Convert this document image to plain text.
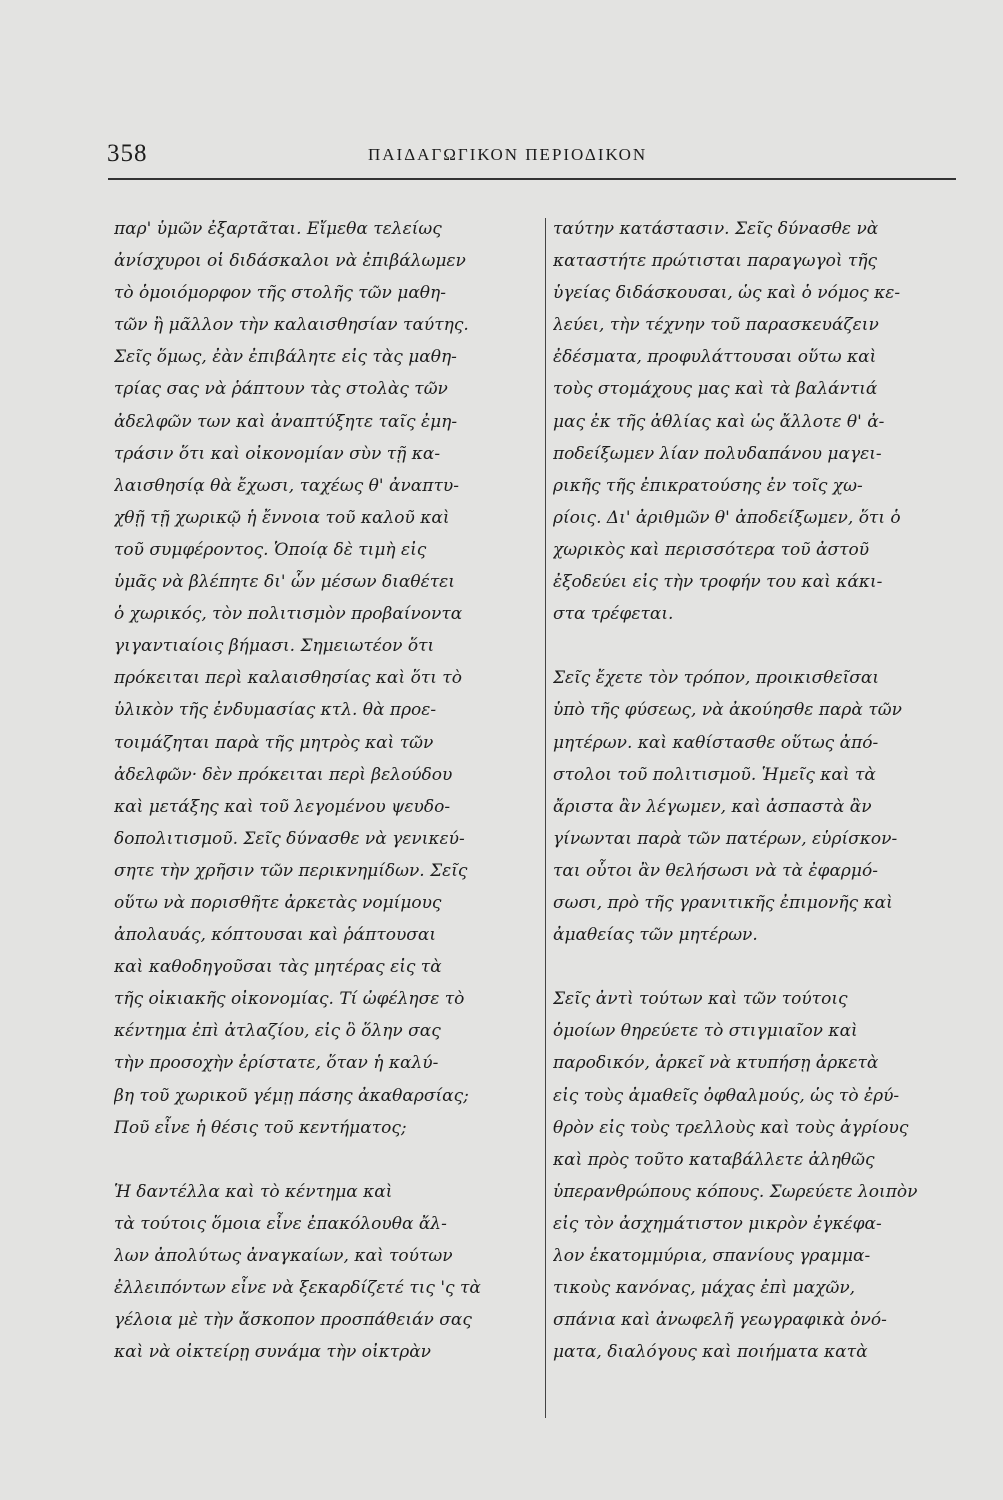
358	ΠΑΙΔΑΓΩΓΙΚΟΝ ΠΕΡΙΟΔΙΚΟΝ
παρ' ὑμῶν ἐξαρτᾶται. Εἴμεθα τελείως
ἀνίσχυροι οἱ διδάσκαλοι νὰ ἐπιβάλωμεν
τὸ ὁμοιόμορφον τῆς στολῆς τῶν μαθη-
τῶν ἢ μᾶλλον τὴν καλαισθησίαν ταύτης.
Σεῖς ὅμως, ἐὰν ἐπιβάλητε εἰς τὰς μαθη-
τρίας σας νὰ ῥάπτουν τὰς στολὰς τῶν
ἀδελφῶν των καὶ ἀναπτύξητε ταῖς ἐμη-
τράσιν ὅτι καὶ οἰκονομίαν σὺν τῇ κα-
λαισθησίᾳ θὰ ἔχωσι, ταχέως θ' ἀναπτυ-
χθῇ τῇ χωρικῷ ἡ ἔννοια τοῦ καλοῦ καὶ
τοῦ συμφέροντος. Ὁποίᾳ δὲ τιμὴ εἰς
ὑμᾶς νὰ βλέπητε δι' ὧν μέσων διαθέτει
ὁ χωρικός, τὸν πολιτισμὸν προβαίνοντα
γιγαντιαίοις βήμασι. Σημειωτέον ὅτι
πρόκειται περὶ καλαισθησίας καὶ ὅτι τὸ
ὑλικὸν τῆς ἐνδυμασίας κτλ. θὰ προε-
τοιμάζηται παρὰ τῆς μητρὸς καὶ τῶν
ἀδελφῶν· δὲν πρόκειται περὶ βελούδου
καὶ μετάξης καὶ τοῦ λεγομένου ψευδο-
δοπολιτισμοῦ. Σεῖς δύνασθε νὰ γενικεύ-
σητε τὴν χρῆσιν τῶν περικνημίδων. Σεῖς
οὕτω νὰ πορισθῆτε ἀρκετὰς νομίμους
ἀπολαυάς, κόπτουσαι καὶ ῥάπτουσαι
καὶ καθοδηγοῦσαι τὰς μητέρας εἰς τὰ
τῆς οἰκιακῆς οἰκονομίας. Τί ὠφέλησε τὸ
κέντημα ἐπὶ ἀτλαζίου, εἰς ὃ ὅλην σας
τὴν προσοχὴν ἐρίστατε, ὅταν ἡ καλύ-
βη τοῦ χωρικοῦ γέμῃ πάσης ἀκαθαρσίας;
Ποῦ εἶνε ἡ θέσις τοῦ κεντήματος;
Ἡ δαντέλλα καὶ τὸ κέντημα καὶ
τὰ τούτοις ὅμοια εἶνε ἐπακόλουθα ἄλ-
λων ἀπολύτως ἀναγκαίων, καὶ τούτων
ἐλλειπόντων εἶνε νὰ ξεκαρδίζετέ τις 'ς τὰ
γέλοια μὲ τὴν ἄσκοπον προσπάθειάν σας
καὶ νὰ οἰκτείρῃ συνάμα τὴν οἰκτρὰν
ταύτην κατάστασιν. Σεῖς δύνασθε νὰ
καταστήτε πρώτισται παραγωγοὶ τῆς
ὑγείας διδάσκουσαι, ὡς καὶ ὁ νόμος κε-
λεύει, τὴν τέχνην τοῦ παρασκευάζειν
ἐδέσματα, προφυλάττουσαι οὕτω καὶ
τοὺς στομάχους μας καὶ τὰ βαλάντιά
μας ἐκ τῆς ἀθλίας καὶ ὡς ἄλλοτε θ' ἀ-
ποδείξωμεν λίαν πολυδαπάνου μαγει-
ρικῆς τῆς ἐπικρατούσης ἐν τοῖς χω-
ρίοις. Δι' ἀριθμῶν θ' ἀποδείξωμεν, ὅτι ὁ
χωρικὸς καὶ περισσότερα τοῦ ἀστοῦ
ἐξοδεύει εἰς τὴν τροφήν του καὶ κάκι-
στα τρέφεται.
Σεῖς ἔχετε τὸν τρόπον, προικισθεῖσαι
ὑπὸ τῆς φύσεως, νὰ ἀκούησθε παρὰ τῶν
μητέρων. καὶ καθίστασθε οὕτως ἀπό-
στολοι τοῦ πολιτισμοῦ. Ἡμεῖς καὶ τὰ
ἄριστα ἂν λέγωμεν, καὶ ἀσπαστὰ ἂν
γίνωνται παρὰ τῶν πατέρων, εὑρίσκον-
ται οὗτοι ἂν θελήσωσι νὰ τὰ ἐφαρμό-
σωσι, πρὸ τῆς γρανιτικῆς ἐπιμονῆς καὶ
ἀμαθείας τῶν μητέρων.
Σεῖς ἀντὶ τούτων καὶ τῶν τούτοις
ὁμοίων θηρεύετε τὸ στιγμιαῖον καὶ
παροδικόν, ἀρκεῖ νὰ κτυπήσῃ ἀρκετὰ
εἰς τοὺς ἀμαθεῖς ὀφθαλμούς, ὡς τὸ ἐρύ-
θρὸν εἰς τοὺς τρελλοὺς καὶ τοὺς ἀγρίους
καὶ πρὸς τοῦτο καταβάλλετε ἀληθῶς
ὑπερανθρώπους κόπους. Σωρεύετε λοιπὸν
εἰς τὸν ἀσχημάτιστον μικρὸν ἐγκέφα-
λον ἑκατομμύρια, σπανίους γραμμα-
τικοὺς κανόνας, μάχας ἐπὶ μαχῶν,
σπάνια καὶ ἀνωφελῆ γεωγραφικὰ ὀνό-
ματα, διαλόγους καὶ ποιήματα κατὰ
